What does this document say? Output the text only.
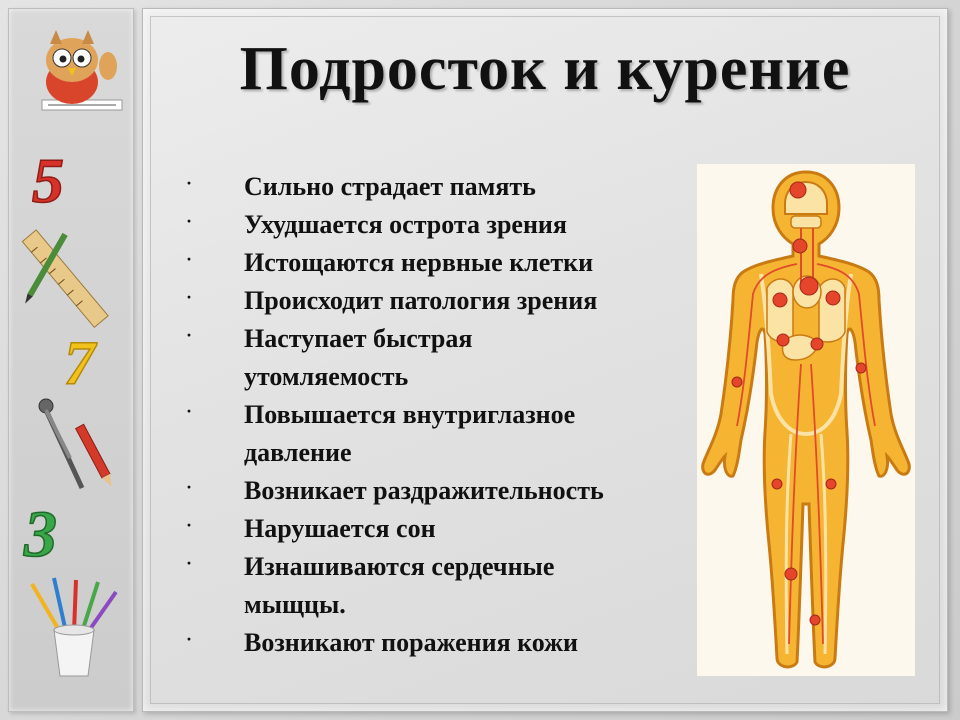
5
7
3
Подросток и курение
· Сильно страдает память
· Ухудшается острота зрения
· Истощаются нервные клетки
· Происходит патология зрения
· Наступает быстрая
утомляемость
· Повышается внутриглазное
давление
· Возникает раздражительность
· Нарушается сон
· Изнашиваются сердечные
мыщцы.
· Возникают поражения кожи
